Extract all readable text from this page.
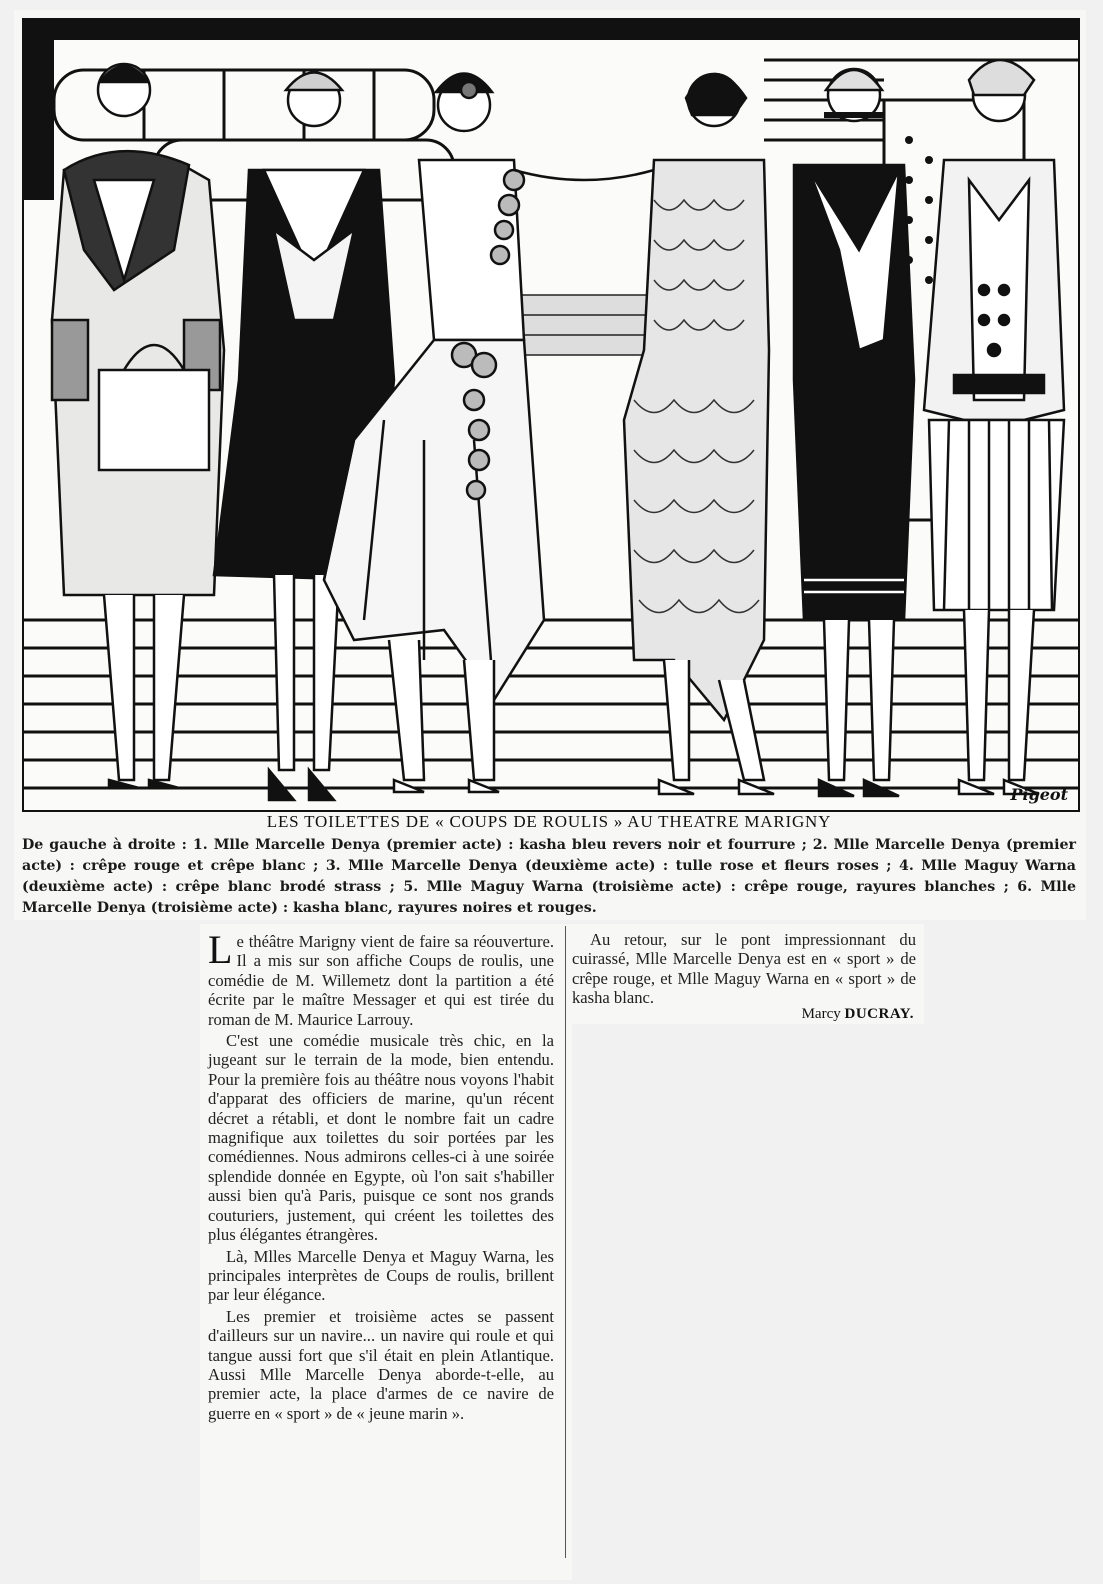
Pigeot
LES TOILETTES DE « COUPS DE ROULIS » AU THEATRE MARIGNY
De gauche à droite : 1. Mlle Marcelle Denya (premier acte) : kasha bleu revers noir et fourrure ; 2. Mlle Marcelle Denya (premier acte) : crêpe rouge et crêpe blanc ; 3. Mlle Marcelle Denya (deuxième acte) : tulle rose et fleurs roses ; 4. Mlle Maguy Warna (deuxième acte) : crêpe blanc brodé strass ; 5. Mlle Maguy Warna (troisième acte) : crêpe rouge, rayures blanches ; 6. Mlle Marcelle Denya (troisième acte) : kasha blanc, rayures noires et rouges.

Le théâtre Marigny vient de faire sa réouverture. Il a mis sur son affiche Coups de roulis, une comédie de M. Willemetz dont la partition a été écrite par le maître Messager et qui est tirée du roman de M. Maurice Larrouy.

C'est une comédie musicale très chic, en la jugeant sur le terrain de la mode, bien entendu. Pour la première fois au théâtre nous voyons l'habit d'apparat des officiers de marine, qu'un récent décret a rétabli, et dont le nombre fait un cadre magnifique aux toilettes du soir portées par les comédiennes. Nous admirons celles-ci à une soirée splendide donnée en Egypte, où l'on sait s'habiller aussi bien qu'à Paris, puisque ce sont nos grands couturiers, justement, qui créent les toilettes des plus élégantes étrangères.

Là, Mlles Marcelle Denya et Maguy Warna, les principales interprètes de Coups de roulis, brillent par leur élégance.

Les premier et troisième actes se passent d'ailleurs sur un navire... un navire qui roule et qui tangue aussi fort que s'il était en plein Atlantique. Aussi Mlle Marcelle Denya aborde-t-elle, au premier acte, la place d'armes de ce navire de guerre en « sport » de « jeune marin ».

Au retour, sur le pont impressionnant du cuirassé, Mlle Marcelle Denya est en « sport » de crêpe rouge, et Mlle Maguy Warna en « sport » de kasha blanc.

Marcy DUCRAY.
